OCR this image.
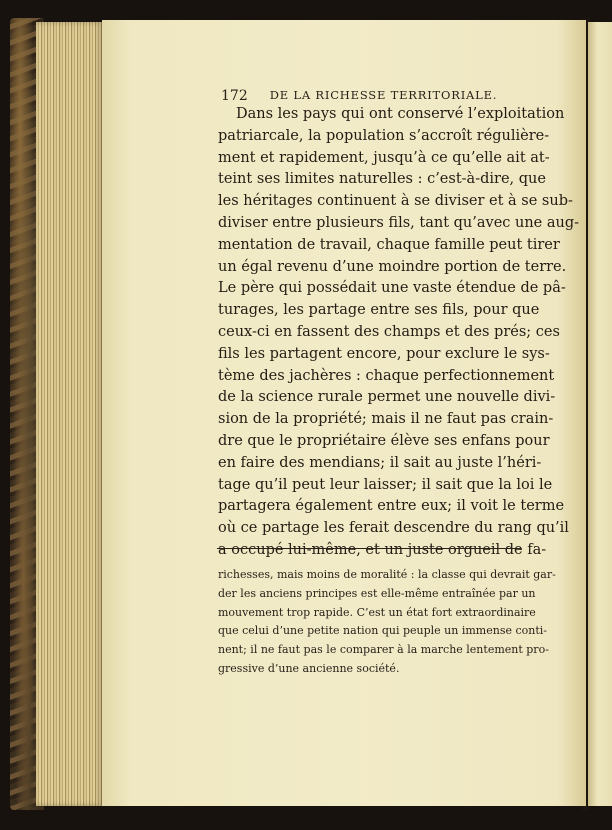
172 DE LA RICHESSE TERRITORIALE.
Dans les pays qui ont conservé l’exploitation
patriarcale, la population s’accroît régulière-
ment et rapidement, jusqu’à ce qu’elle ait at-
teint ses limites naturelles : c’est-à-dire, que
les héritages continuent à se diviser et à se sub-
diviser entre plusieurs fils, tant qu’avec une aug-
mentation de travail, chaque famille peut tirer
un égal revenu d’une moindre portion de terre.
Le père qui possédait une vaste étendue de pâ-
turages, les partage entre ses fils, pour que
ceux-ci en fassent des champs et des prés; ces
fils les partagent encore, pour exclure le sys-
tème des jachères : chaque perfectionnement
de la science rurale permet une nouvelle divi-
sion de la propriété; mais il ne faut pas crain-
dre que le propriétaire élève ses enfans pour
en faire des mendians; il sait au juste l’héri-
tage qu’il peut leur laisser; il sait que la loi le
partagera également entre eux; il voit le terme
où ce partage les ferait descendre du rang qu’il
a occupé lui-même, et un juste orgueil de fa-
richesses, mais moins de moralité : la classe qui devrait gar-
der les anciens principes est elle-même entraînée par un
mouvement trop rapide. C’est un état fort extraordinaire
que celui d’une petite nation qui peuple un immense conti-
nent; il ne faut pas le comparer à la marche lentement pro-
gressive d’une ancienne société.
